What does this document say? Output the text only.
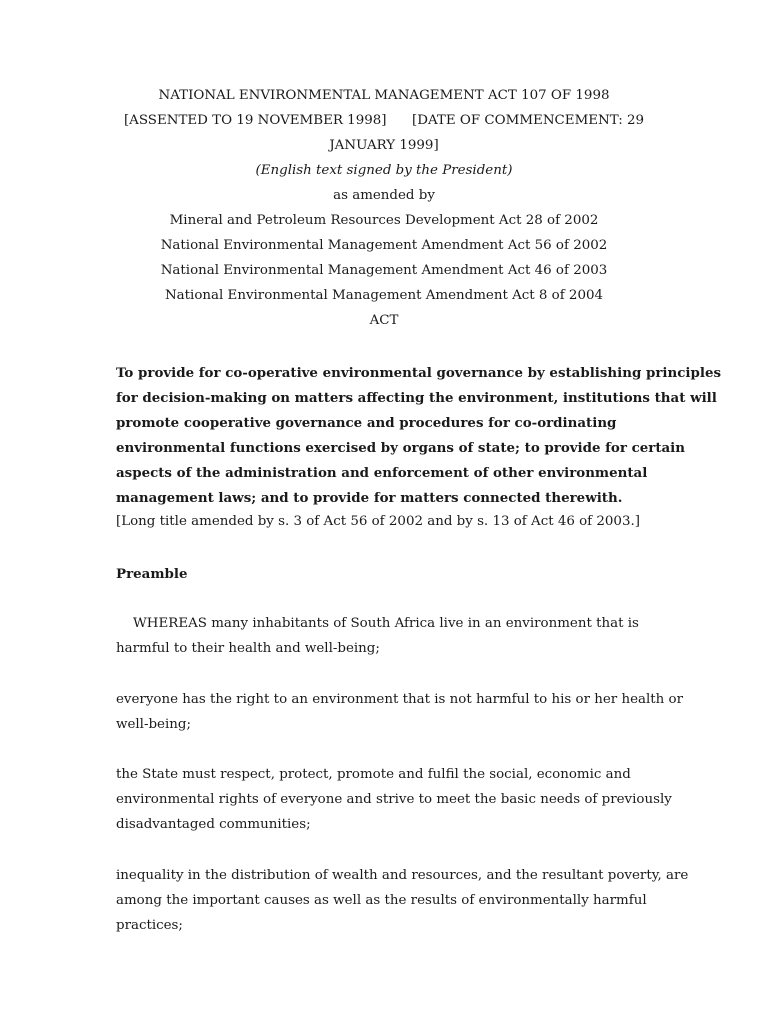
NATIONAL ENVIRONMENTAL MANAGEMENT ACT 107 OF 1998
[ASSENTED TO 19 NOVEMBER 1998]      [DATE OF COMMENCEMENT: 29
JANUARY 1999]
(English text signed by the President)
as amended by
Mineral and Petroleum Resources Development Act 28 of 2002
National Environmental Management Amendment Act 56 of 2002
National Environmental Management Amendment Act 46 of 2003
National Environmental Management Amendment Act 8 of 2004
ACT
To provide for co-operative environmental governance by establishing principles
for decision-making on matters affecting the environment, institutions that will
promote cooperative governance and procedures for co-ordinating
environmental functions exercised by organs of state; to provide for certain
aspects of the administration and enforcement of other environmental
management laws; and to provide for matters connected therewith.
[Long title amended by s. 3 of Act 56 of 2002 and by s. 13 of Act 46 of 2003.]
Preamble
WHEREAS many inhabitants of South Africa live in an environment that is
harmful to their health and well-being;
everyone has the right to an environment that is not harmful to his or her health or
well-being;
the State must respect, protect, promote and fulfil the social, economic and
environmental rights of everyone and strive to meet the basic needs of previously
disadvantaged communities;
inequality in the distribution of wealth and resources, and the resultant poverty, are
among the important causes as well as the results of environmentally harmful
practices;
